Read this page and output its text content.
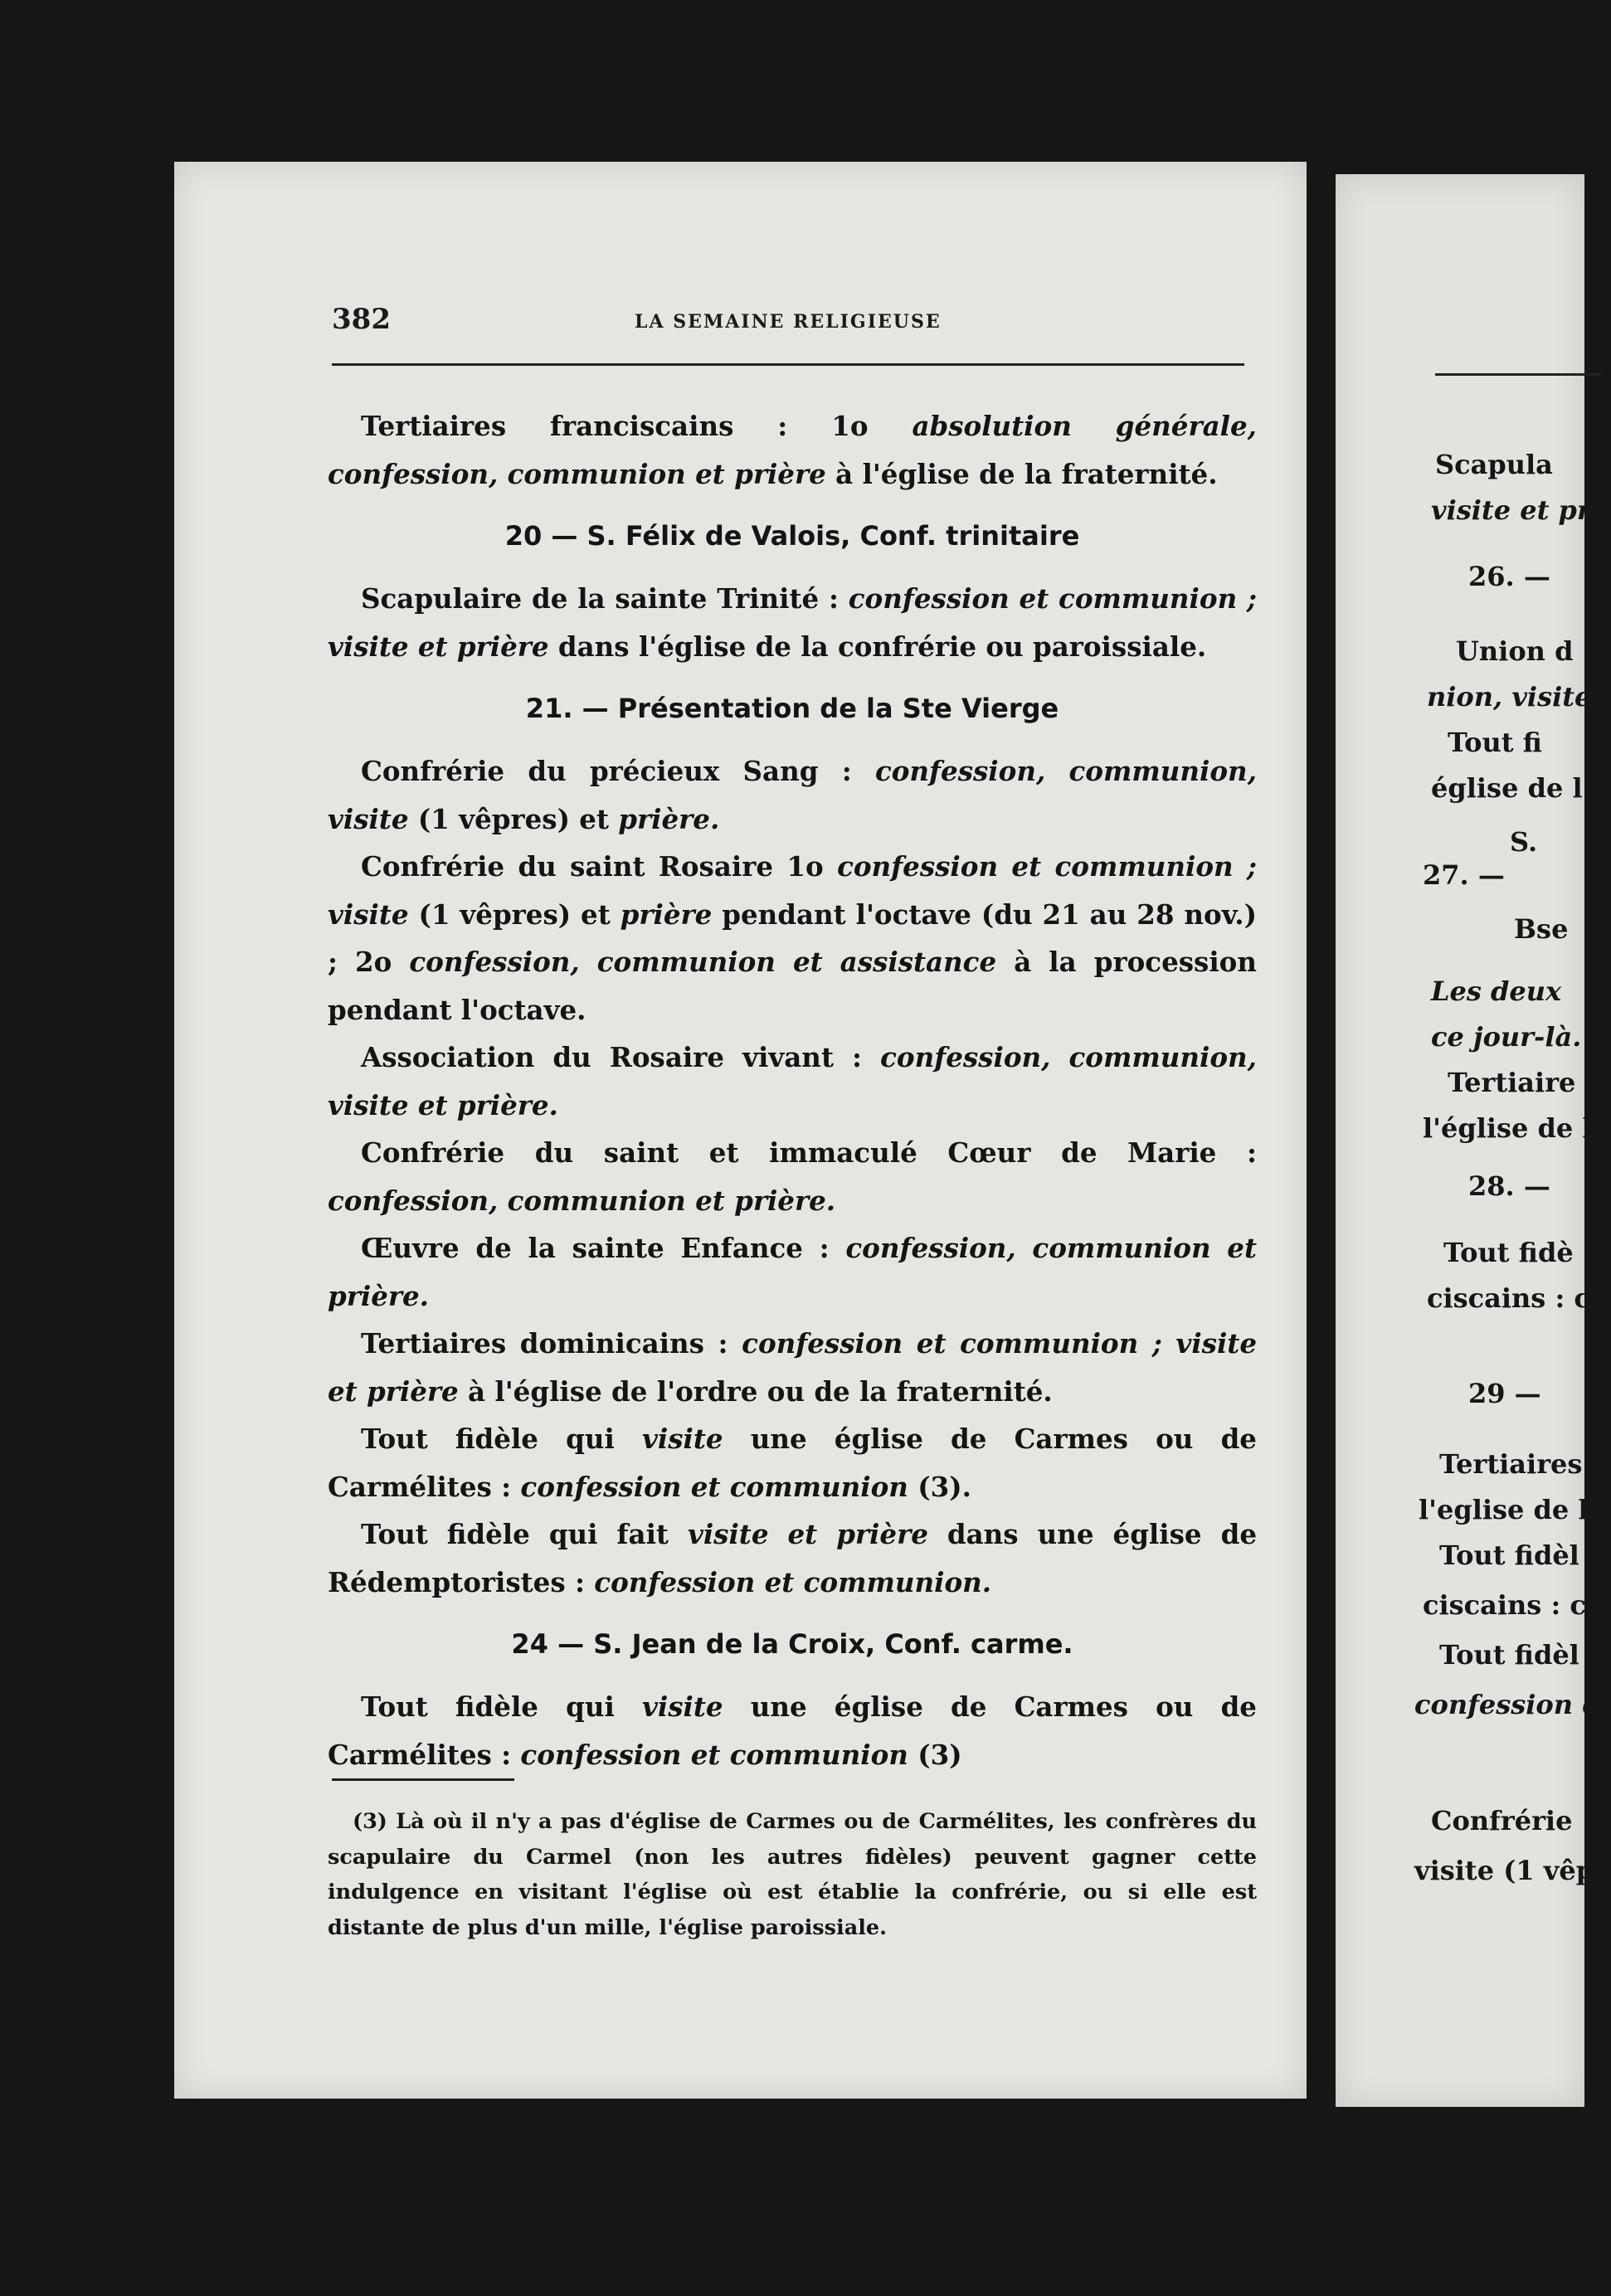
382	LA SEMAINE RELIGIEUSE

Tertiaires franciscains : 1o absolution générale, confession, communion et prière à l'église de la fraternité.

20 — S. Félix de Valois, Conf. trinitaire

Scapulaire de la sainte Trinité : confession et communion ; visite et prière dans l'église de la confrérie ou paroissiale.

21. — Présentation de la Ste Vierge

Confrérie du précieux Sang : confession, communion, visite (1 vêpres) et prière.

Confrérie du saint Rosaire 1o confession et communion ; visite (1 vêpres) et prière pendant l'octave (du 21 au 28 nov.) ; 2o confession, communion et assistance à la procession pendant l'octave.

Association du Rosaire vivant : confession, communion, visite et prière.

Confrérie du saint et immaculé Cœur de Marie : confession, communion et prière.

Œuvre de la sainte Enfance : confession, communion et prière.

Tertiaires dominicains : confession et communion ; visite et prière à l'église de l'ordre ou de la fraternité.

Tout fidèle qui visite une église de Carmes ou de Carmélites : confession et communion (3).

Tout fidèle qui fait visite et prière dans une église de Rédemptoristes : confession et communion.

24 — S. Jean de la Croix, Conf. carme.

Tout fidèle qui visite une église de Carmes ou de Carmélites : confession et communion (3)

(3) Là où il n'y a pas d'église de Carmes ou de Carmélites, les confrères du scapulaire du Carmel (non les autres fidèles) peuvent gagner cette indulgence en visitant l'église où est établie la confrérie, ou si elle est distante de plus d'un mille, l'église paroissiale.

Scapula
visite et pr
26. —
Union d
nion, visite
Tout fi
église de l
S.
27. —
Bse
Les deux
ce jour-là.
Tertiaire
l'église de l
28. —
Tout fidè
ciscains : co
29 —
Tertiaires
l'eglise de l'
Tout fidèl
ciscains : co
Tout fidèl
confession et
Confrérie
visite (1 vêpr
